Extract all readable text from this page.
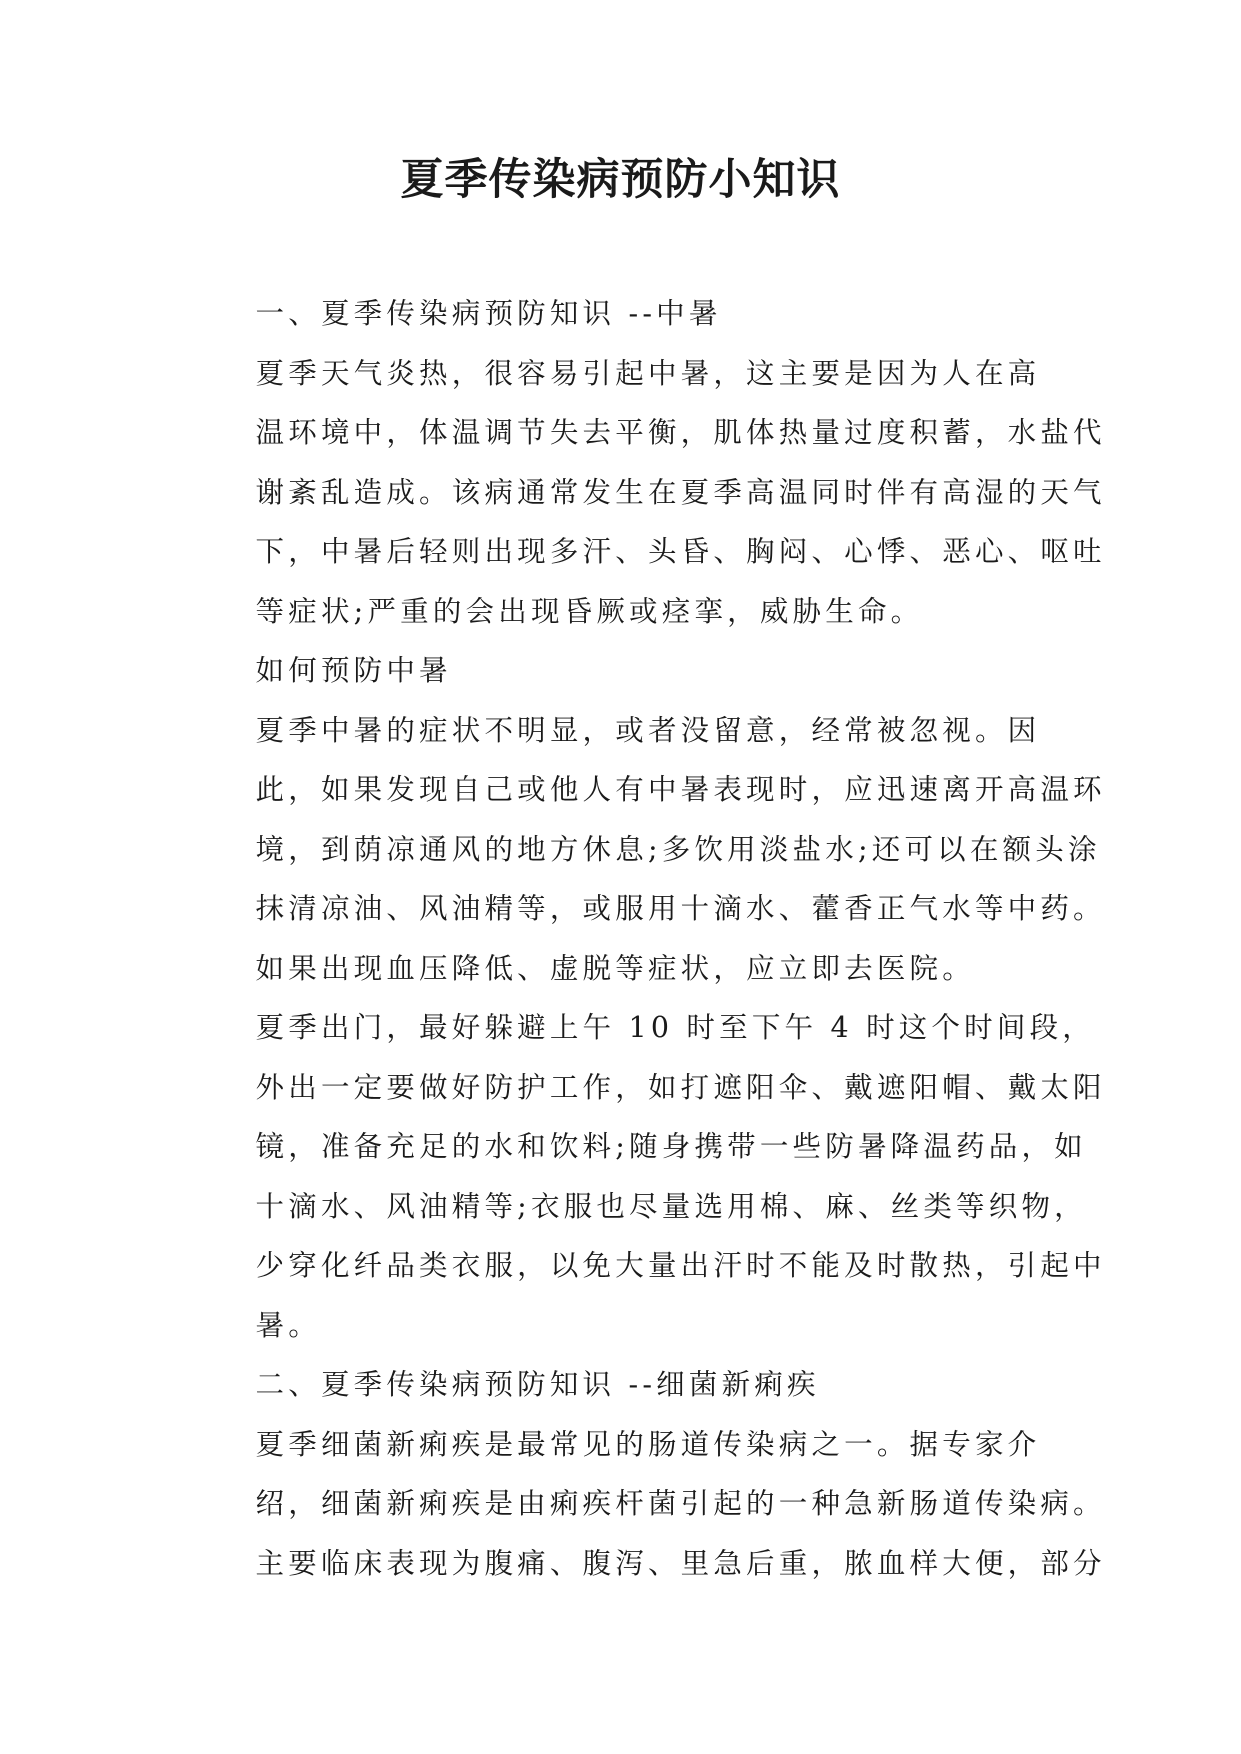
夏季传染病预防小知识
一、夏季传染病预防知识 --中暑
夏季天气炎热，很容易引起中暑，这主要是因为人在高
温环境中，体温调节失去平衡，肌体热量过度积蓄，水盐代
谢紊乱造成。该病通常发生在夏季高温同时伴有高湿的天气
下，中暑后轻则出现多汗、头昏、胸闷、心悸、恶心、呕吐
等症状;严重的会出现昏厥或痉挛，威胁生命。
如何预防中暑
夏季中暑的症状不明显，或者没留意，经常被忽视。因
此，如果发现自己或他人有中暑表现时，应迅速离开高温环
境，到荫凉通风的地方休息;多饮用淡盐水;还可以在额头涂
抹清凉油、风油精等，或服用十滴水、藿香正气水等中药。
如果出现血压降低、虚脱等症状，应立即去医院。
夏季出门，最好躲避上午 10 时至下午 4 时这个时间段，
外出一定要做好防护工作，如打遮阳伞、戴遮阳帽、戴太阳
镜，准备充足的水和饮料;随身携带一些防暑降温药品，如
十滴水、风油精等;衣服也尽量选用棉、麻、丝类等织物，
少穿化纤品类衣服，以免大量出汗时不能及时散热，引起中
暑。
二、夏季传染病预防知识 --细菌新痢疾
夏季细菌新痢疾是最常见的肠道传染病之一。据专家介
绍，细菌新痢疾是由痢疾杆菌引起的一种急新肠道传染病。
主要临床表现为腹痛、腹泻、里急后重，脓血样大便，部分
